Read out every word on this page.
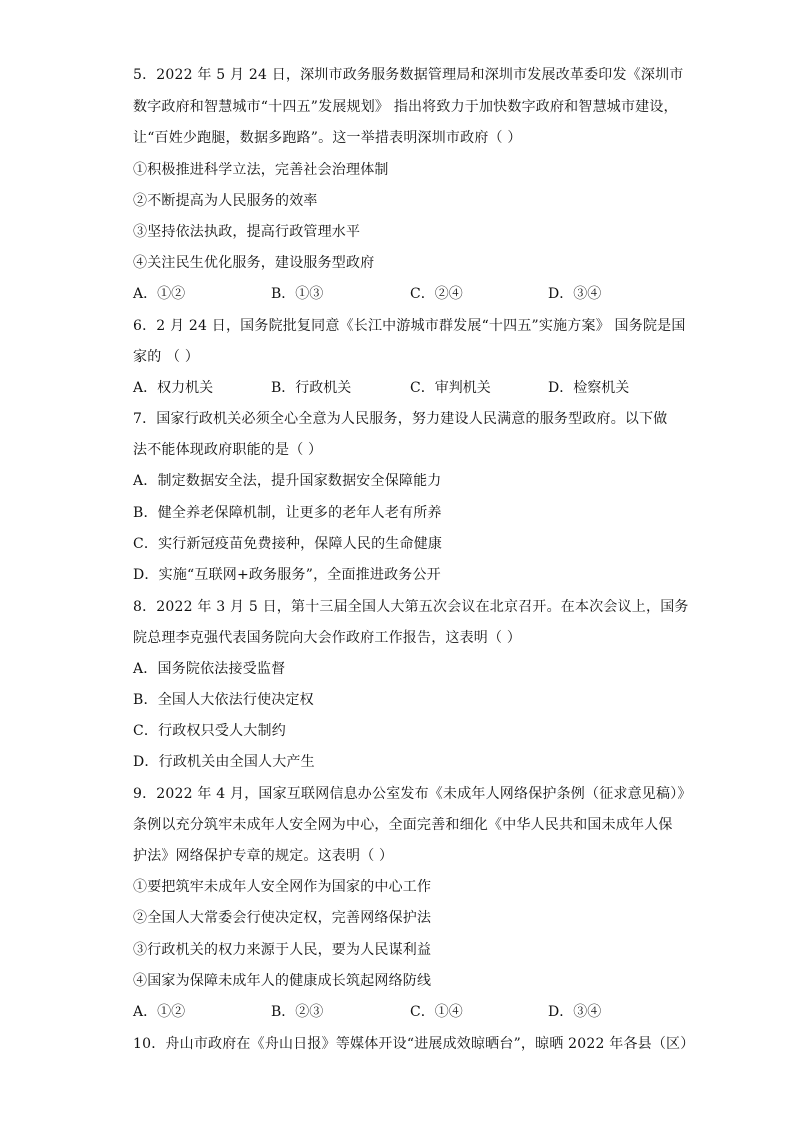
5．2022 年 5 月 24 日，深圳市政务服务数据管理局和深圳市发展改革委印发《深圳市
数字政府和智慧城市“十四五”发展规划》 指出将致力于加快数字政府和智慧城市建设，
让“百姓少跑腿，数据多跑路”。这一举措表明深圳市政府（ ）
①积极推进科学立法，完善社会治理体制
②不断提高为人民服务的效率
③坚持依法执政，提高行政管理水平
④关注民生优化服务，建设服务型政府
A．①②	B．①③	C．②④	D．③④
6．2 月 24 日，国务院批复同意《长江中游城市群发展“十四五”实施方案》 国务院是国
家的 （ ）
A．权力机关	B．行政机关	C．审判机关	D．检察机关
7．国家行政机关必须全心全意为人民服务，努力建设人民满意的服务型政府。以下做
法不能体现政府职能的是（ ）
A．制定数据安全法，提升国家数据安全保障能力
B．健全养老保障机制，让更多的老年人老有所养
C．实行新冠疫苗免费接种，保障人民的生命健康
D．实施“互联网+政务服务”，全面推进政务公开
8．2022 年 3 月 5 日，第十三届全国人大第五次会议在北京召开。在本次会议上，国务
院总理李克强代表国务院向大会作政府工作报告，这表明（ ）
A．国务院依法接受监督
B．全国人大依法行使决定权
C．行政权只受人大制约
D．行政机关由全国人大产生
9．2022 年 4 月，国家互联网信息办公室发布《未成年人网络保护条例（征求意见稿）》
条例以充分筑牢未成年人安全网为中心，全面完善和细化《中华人民共和国未成年人保
护法》网络保护专章的规定。这表明（ ）
①要把筑牢未成年人安全网作为国家的中心工作
②全国人大常委会行使决定权，完善网络保护法
③行政机关的权力来源于人民，要为人民谋利益
④国家为保障未成年人的健康成长筑起网络防线
A．①②	B．②③	C．①④	D．③④
10．舟山市政府在《舟山日报》等媒体开设“进展成效晾晒台”，晾晒 2022 年各县（区）
